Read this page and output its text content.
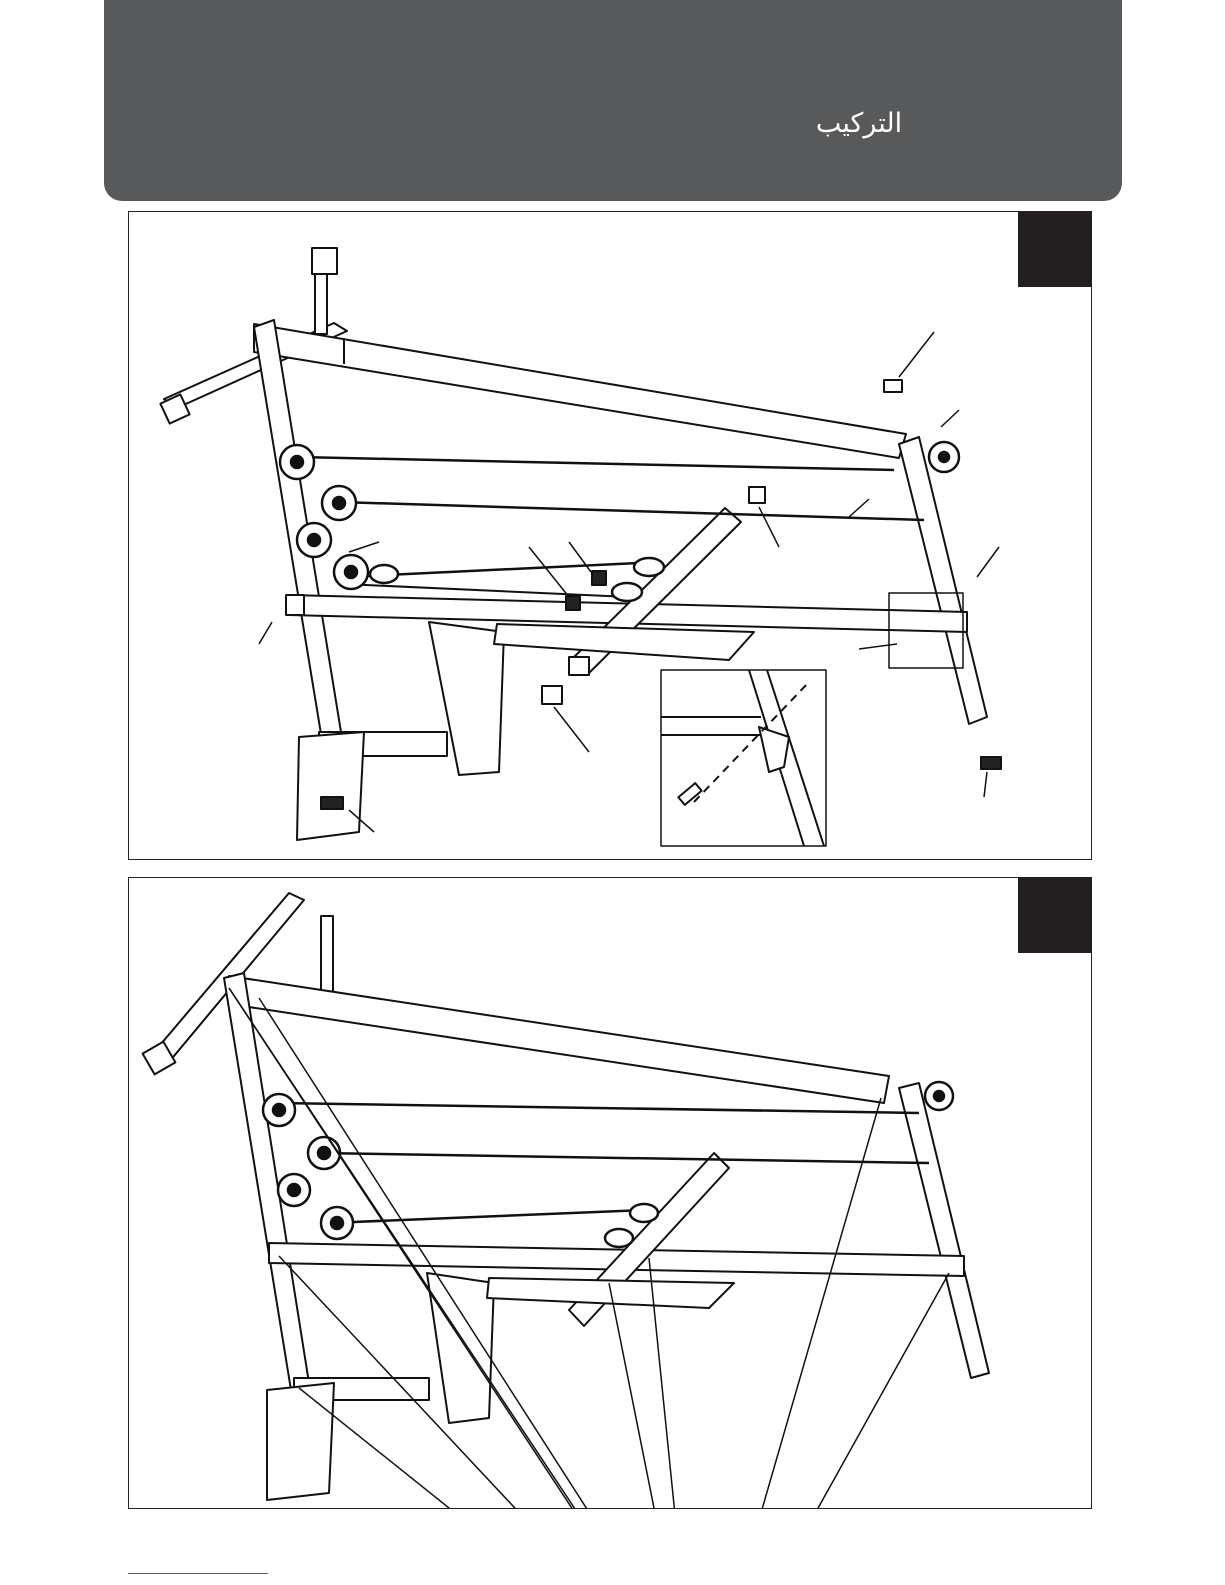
التركيب
